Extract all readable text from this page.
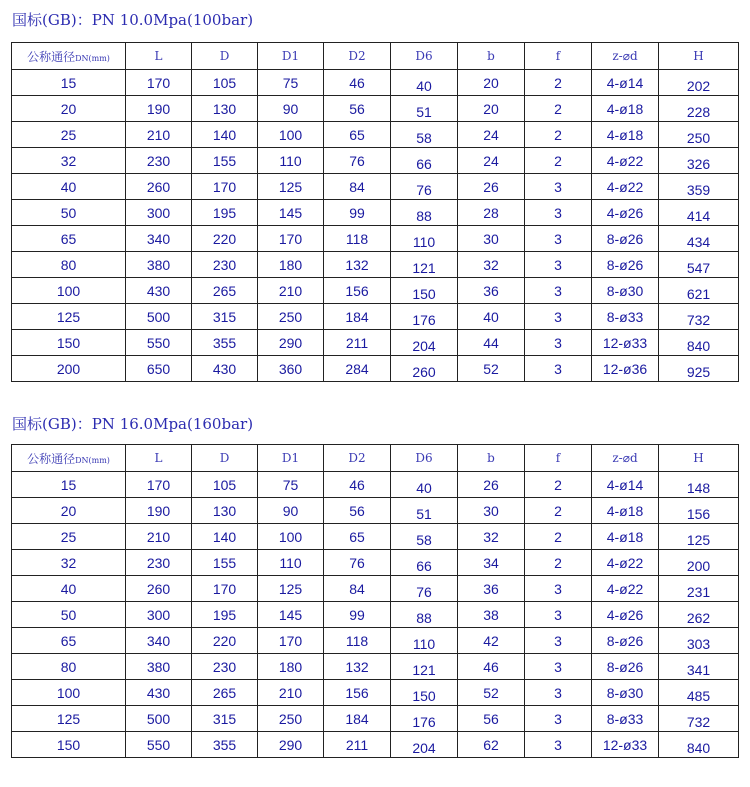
国标(GB)：PN 10.0Mpa(100bar)
公称通径DN(mm)	L	D	D1	D2	D6	b	f	z-⌀d	H
15	170	105	75	46	40	20	2	4-ø14	202
20	190	130	90	56	51	20	2	4-ø18	228
25	210	140	100	65	58	24	2	4-ø18	250
32	230	155	110	76	66	24	2	4-ø22	326
40	260	170	125	84	76	26	3	4-ø22	359
50	300	195	145	99	88	28	3	4-ø26	414
65	340	220	170	118	110	30	3	8-ø26	434
80	380	230	180	132	121	32	3	8-ø26	547
100	430	265	210	156	150	36	3	8-ø30	621
125	500	315	250	184	176	40	3	8-ø33	732
150	550	355	290	211	204	44	3	12-ø33	840
200	650	430	360	284	260	52	3	12-ø36	925
国标(GB)：PN 16.0Mpa(160bar)
公称通径DN(mm)	L	D	D1	D2	D6	b	f	z-⌀d	H
15	170	105	75	46	40	26	2	4-ø14	148
20	190	130	90	56	51	30	2	4-ø18	156
25	210	140	100	65	58	32	2	4-ø18	125
32	230	155	110	76	66	34	2	4-ø22	200
40	260	170	125	84	76	36	3	4-ø22	231
50	300	195	145	99	88	38	3	4-ø26	262
65	340	220	170	118	110	42	3	8-ø26	303
80	380	230	180	132	121	46	3	8-ø26	341
100	430	265	210	156	150	52	3	8-ø30	485
125	500	315	250	184	176	56	3	8-ø33	732
150	550	355	290	211	204	62	3	12-ø33	840
